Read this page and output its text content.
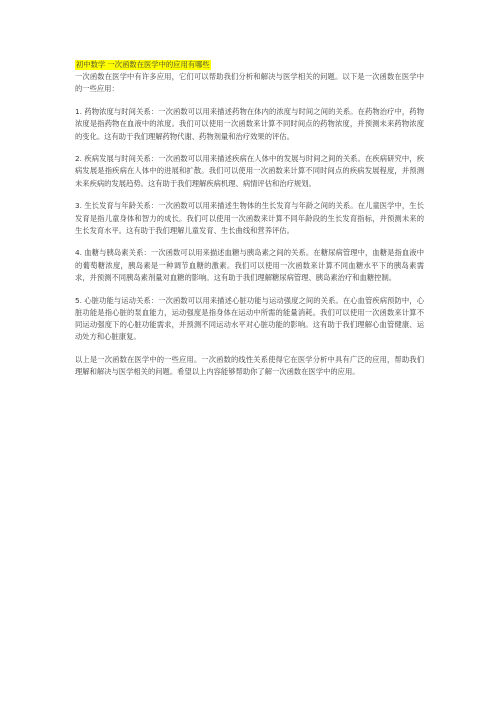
初中数学 一次函数在医学中的应用有哪些

一次函数在医学中有许多应用，它们可以帮助我们分析和解决与医学相关的问题。以下是一次函数在医学中的一些应用：

1. 药物浓度与时间关系：一次函数可以用来描述药物在体内的浓度与时间之间的关系。在药物治疗中，药物浓度是指药物在血液中的浓度。我们可以使用一次函数来计算不同时间点的药物浓度，并预测未来药物浓度的变化。这有助于我们理解药物代谢、药物剂量和治疗效果的评估。

2. 疾病发展与时间关系：一次函数可以用来描述疾病在人体中的发展与时间之间的关系。在疾病研究中，疾病发展是指疾病在人体中的进展和扩散。我们可以使用一次函数来计算不同时间点的疾病发展程度，并预测未来疾病的发展趋势。这有助于我们理解疾病机理、病情评估和治疗规划。

3. 生长发育与年龄关系：一次函数可以用来描述生物体的生长发育与年龄之间的关系。在儿童医学中，生长发育是指儿童身体和智力的成长。我们可以使用一次函数来计算不同年龄段的生长发育指标，并预测未来的生长发育水平。这有助于我们理解儿童发育、生长曲线和营养评估。

4. 血糖与胰岛素关系：一次函数可以用来描述血糖与胰岛素之间的关系。在糖尿病管理中，血糖是指血液中的葡萄糖浓度，胰岛素是一种调节血糖的激素。我们可以使用一次函数来计算不同血糖水平下的胰岛素需求，并预测不同胰岛素剂量对血糖的影响。这有助于我们理解糖尿病管理、胰岛素治疗和血糖控制。

5. 心脏功能与运动关系：一次函数可以用来描述心脏功能与运动强度之间的关系。在心血管疾病预防中，心脏功能是指心脏的泵血能力，运动强度是指身体在运动中所需的能量消耗。我们可以使用一次函数来计算不同运动强度下的心脏功能需求，并预测不同运动水平对心脏功能的影响。这有助于我们理解心血管健康、运动处方和心脏康复。

以上是一次函数在医学中的一些应用。一次函数的线性关系使得它在医学分析中具有广泛的应用，帮助我们理解和解决与医学相关的问题。希望以上内容能够帮助你了解一次函数在医学中的应用。
